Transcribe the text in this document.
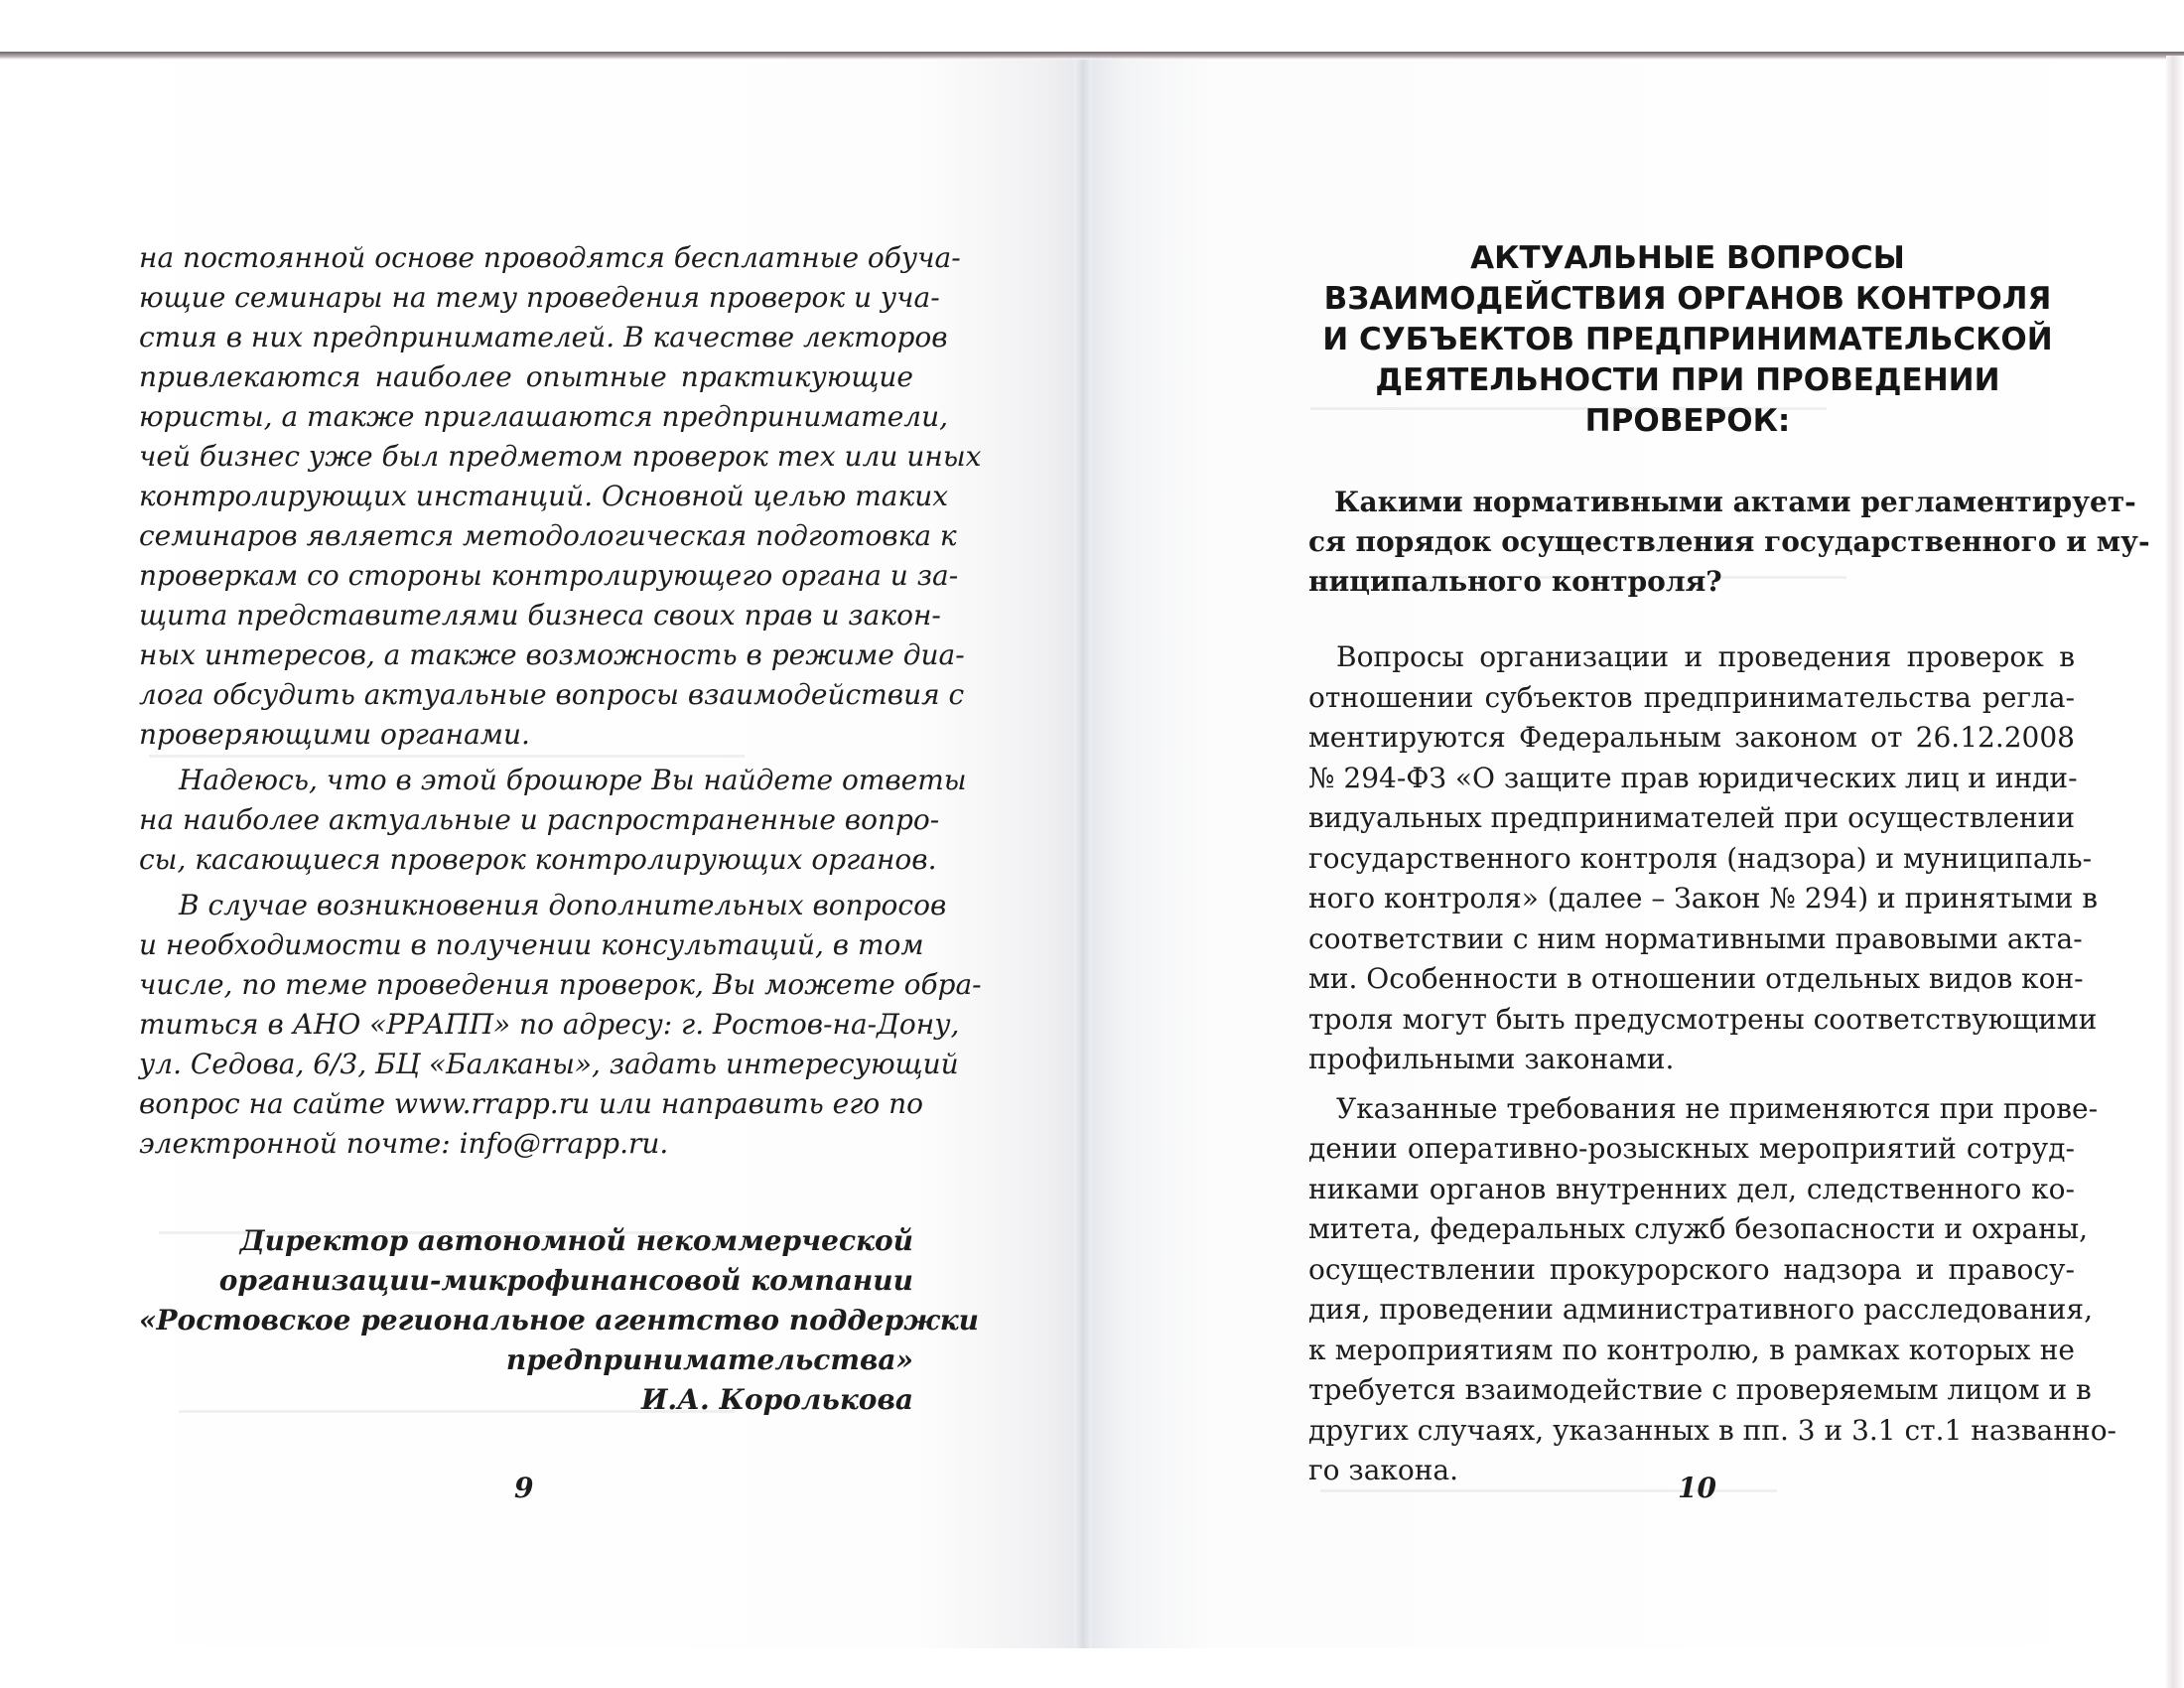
на постоянной основе проводятся бесплатные обуча-
ющие семинары на тему проведения проверок и уча-
стия в них предпринимателей. В качестве лекторов
привлекаются наиболее опытные практикующие
юристы, а также приглашаются предприниматели,
чей бизнес уже был предметом проверок тех или иных
контролирующих инстанций. Основной целью таких
семинаров является методологическая подготовка к
проверкам со стороны контролирующего органа и за-
щита представителями бизнеса своих прав и закон-
ных интересов, а также возможность в режиме диа-
лога обсудить актуальные вопросы взаимодействия с
проверяющими органами.
Надеюсь, что в этой брошюре Вы найдете ответы
на наиболее актуальные и распространенные вопро-
сы, касающиеся проверок контролирующих органов.
В случае возникновения дополнительных вопросов
и необходимости в получении консультаций, в том
числе, по теме проведения проверок, Вы можете обра-
титься в АНО «РРАПП» по адресу: г. Ростов-на-Дону,
ул. Седова, 6/3, БЦ «Балканы», задать интересующий
вопрос на сайте www.rrapp.ru или направить его по
электронной почте: info@rrapp.ru.
Директор автономной некоммерческой
организации-микрофинансовой компании
«Ростовское региональное агентство поддержки
предпринимательства»
И.А. Королькова
9
АКТУАЛЬНЫЕ ВОПРОСЫ
ВЗАИМОДЕЙСТВИЯ ОРГАНОВ КОНТРОЛЯ
И СУБЪЕКТОВ ПРЕДПРИНИМАТЕЛЬСКОЙ
ДЕЯТЕЛЬНОСТИ ПРИ ПРОВЕДЕНИИ
ПРОВЕРОК:
Какими нормативными актами регламентирует-
ся порядок осуществления государственного и му-
ниципального контроля?
Вопросы организации и проведения проверок в
отношении субъектов предпринимательства регла-
ментируются Федеральным законом от 26.12.2008
№ 294-ФЗ «О защите прав юридических лиц и инди-
видуальных предпринимателей при осуществлении
государственного контроля (надзора) и муниципаль-
ного контроля» (далее – Закон № 294) и принятыми в
соответствии с ним нормативными правовыми акта-
ми. Особенности в отношении отдельных видов кон-
троля могут быть предусмотрены соответствующими
профильными законами.
Указанные требования не применяются при прове-
дении оперативно-розыскных мероприятий сотруд-
никами органов внутренних дел, следственного ко-
митета, федеральных служб безопасности и охраны,
осуществлении прокурорского надзора и правосу-
дия, проведении административного расследования,
к мероприятиям по контролю, в рамках которых не
требуется взаимодействие с проверяемым лицом и в
других случаях, указанных в пп. 3 и 3.1 ст.1 названно-
го закона.
10
